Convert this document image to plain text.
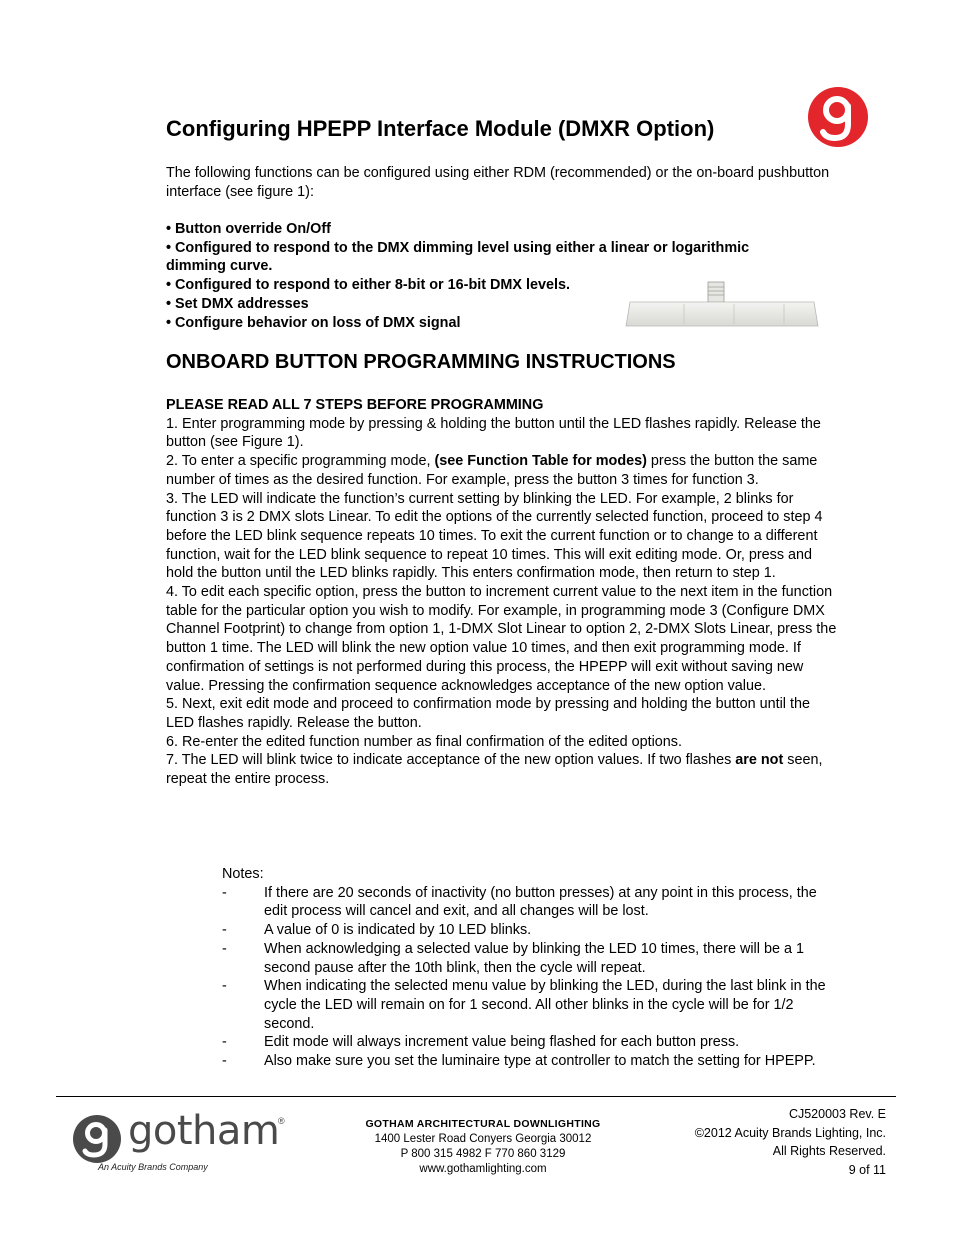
Configuring HPEPP Interface Module (DMXR Option)

The following functions can be configured using either RDM (recommended) or the on-board pushbutton interface (see figure 1):

• Button override On/Off
• Configured to respond to the DMX dimming level using either a linear or logarithmic
dimming curve.
• Configured to respond to either 8-bit or 16-bit DMX levels.
• Set DMX addresses
• Configure behavior on loss of DMX signal
ONBOARD BUTTON PROGRAMMING INSTRUCTIONS
PLEASE READ ALL 7 STEPS BEFORE PROGRAMMING
1. Enter programming mode by pressing & holding the button until the LED flashes rapidly. Release the button (see Figure 1).
2. To enter a specific programming mode, (see Function Table for modes) press the button the same number of times as the desired function. For example, press the button 3 times for function 3.
3. The LED will indicate the function’s current setting by blinking the LED. For example, 2 blinks for function 3 is 2 DMX slots Linear. To edit the options of the currently selected function, proceed to step 4 before the LED blink sequence repeats 10 times. To exit the current function or to change to a different function, wait for the LED blink sequence to repeat 10 times. This will exit editing mode. Or, press and hold the button until the LED blinks rapidly. This enters confirmation mode, then return to step 1.
4. To edit each specific option, press the button to increment current value to the next item in the function table for the particular option you wish to modify. For example, in programming mode 3 (Configure DMX Channel Footprint) to change from option 1, 1-DMX Slot Linear to option 2, 2-DMX Slots Linear, press the button 1 time. The LED will blink the new option value 10 times, and then exit programming mode. If confirmation of settings is not performed during this process, the HPEPP will exit without saving new value. Pressing the confirmation sequence acknowledges acceptance of the new option value.
5. Next, exit edit mode and proceed to confirmation mode by pressing and holding the button until the LED flashes rapidly. Release the button.
6. Re-enter the edited function number as final confirmation of the edited options.
7. The LED will blink twice to indicate acceptance of the new option values. If two flashes are not seen, repeat the entire process.
Notes:
-	If there are 20 seconds of inactivity (no button presses) at any point in this process, the edit process will cancel and exit, and all changes will be lost.
-	A value of 0 is indicated by 10 LED blinks.
-	When acknowledging a selected value by blinking the LED 10 times, there will be a 1 second pause after the 10th blink, then the cycle will repeat.
-	When indicating the selected menu value by blinking the LED, during the last blink in the cycle the LED will remain on for 1 second. All other blinks in the cycle will be for 1/2 second.
-	Edit mode will always increment value being flashed for each button press.
-	Also make sure you set the luminaire type at controller to match the setting for HPEPP.
gotham
®
An Acuity Brands Company
GOTHAM ARCHITECTURAL DOWNLIGHTING
1400 Lester Road Conyers Georgia 30012
P 800 315 4982 F 770 860 3129
www.gothamlighting.com
CJ520003 Rev. E
©2012 Acuity Brands Lighting, Inc.
All Rights Reserved.
9 of 11
